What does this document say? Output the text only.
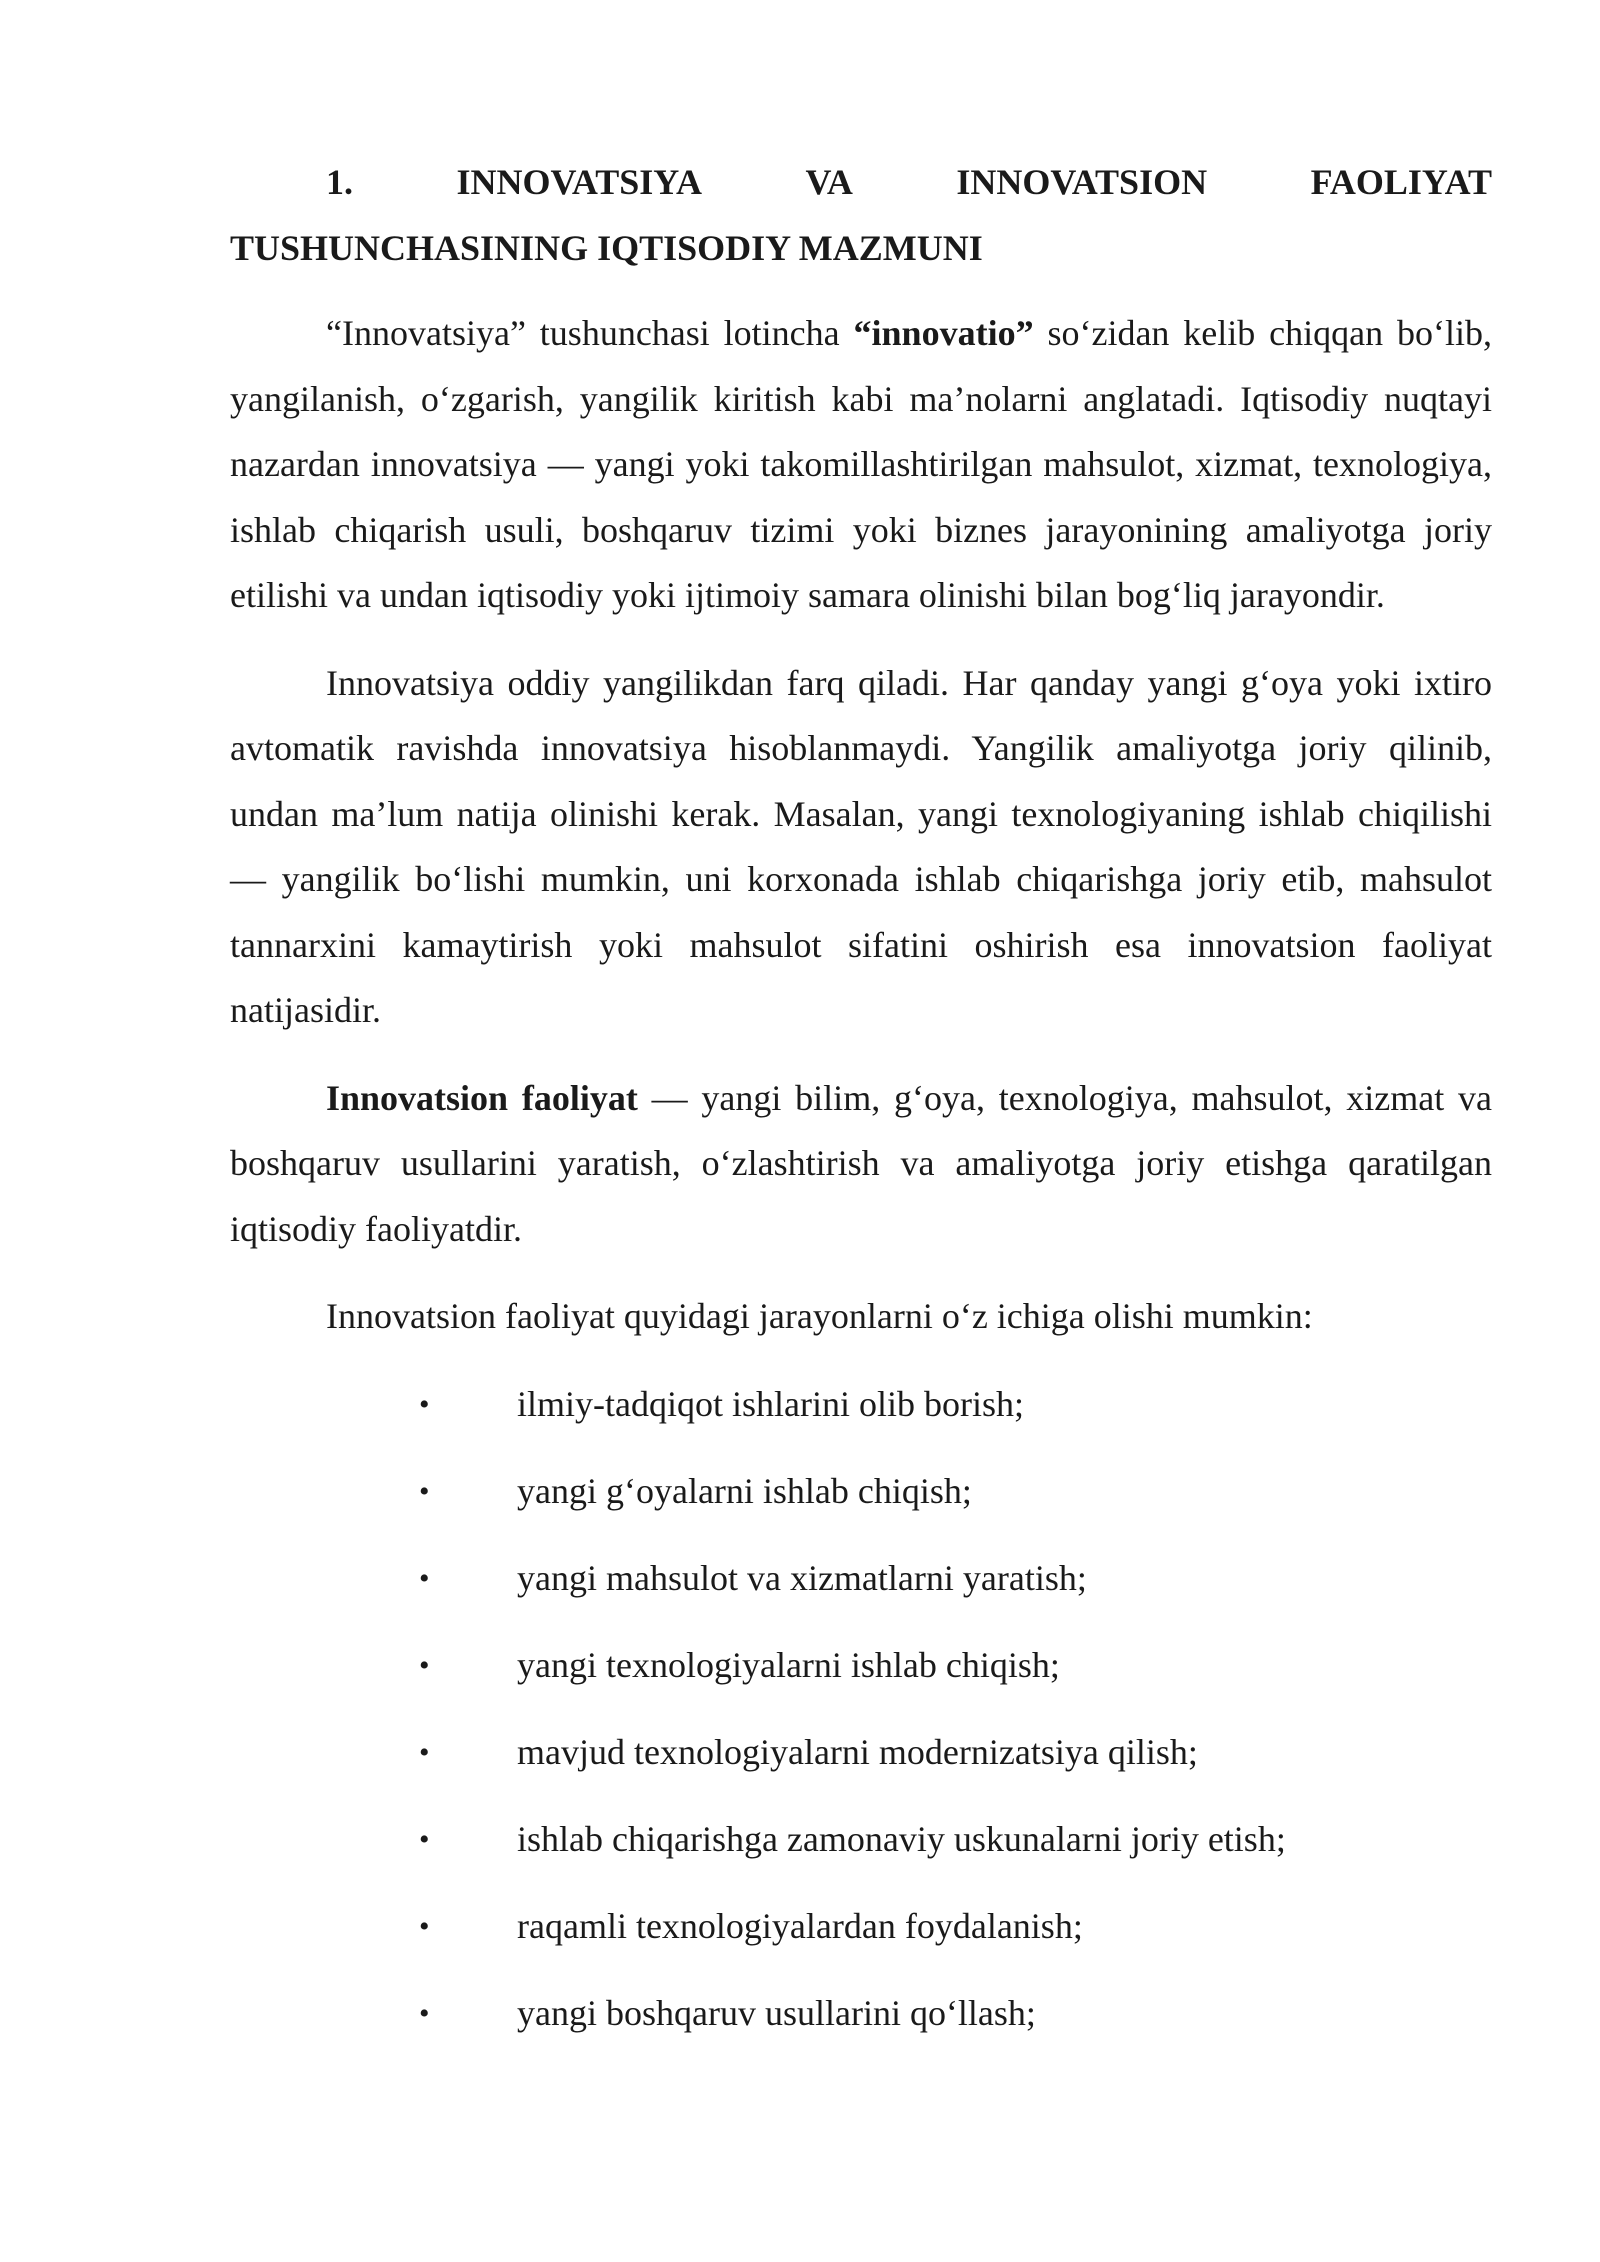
1.	INNOVATSIYA	VA	INNOVATSION	FAOLIYAT
TUSHUNCHASINING IQTISODIY MAZMUNI

“Innovatsiya” tushunchasi lotincha “innovatio” so‘zidan kelib chiqqan bo‘lib, yangilanish, o‘zgarish, yangilik kiritish kabi ma’nolarni anglatadi. Iqtisodiy nuqtayi nazardan innovatsiya — yangi yoki takomillashtirilgan mahsulot, xizmat, texnologiya, ishlab chiqarish usuli, boshqaruv tizimi yoki biznes jarayonining amaliyotga joriy etilishi va undan iqtisodiy yoki ijtimoiy samara olinishi bilan bog‘liq jarayondir.

Innovatsiya oddiy yangilikdan farq qiladi. Har qanday yangi g‘oya yoki ixtiro avtomatik ravishda innovatsiya hisoblanmaydi. Yangilik amaliyotga joriy qilinib, undan ma’lum natija olinishi kerak. Masalan, yangi texnologiyaning ishlab chiqilishi — yangilik bo‘lishi mumkin, uni korxonada ishlab chiqarishga joriy etib, mahsulot tannarxini kamaytirish yoki mahsulot sifatini oshirish esa innovatsion faoliyat natijasidir.

Innovatsion faoliyat — yangi bilim, g‘oya, texnologiya, mahsulot, xizmat va boshqaruv usullarini yaratish, o‘zlashtirish va amaliyotga joriy etishga qaratilgan iqtisodiy faoliyatdir.

Innovatsion faoliyat quyidagi jarayonlarni o‘z ichiga olishi mumkin:

• ilmiy-tadqiqot ishlarini olib borish;
• yangi g‘oyalarni ishlab chiqish;
• yangi mahsulot va xizmatlarni yaratish;
• yangi texnologiyalarni ishlab chiqish;
• mavjud texnologiyalarni modernizatsiya qilish;
• ishlab chiqarishga zamonaviy uskunalarni joriy etish;
• raqamli texnologiyalardan foydalanish;
• yangi boshqaruv usullarini qo‘llash;
